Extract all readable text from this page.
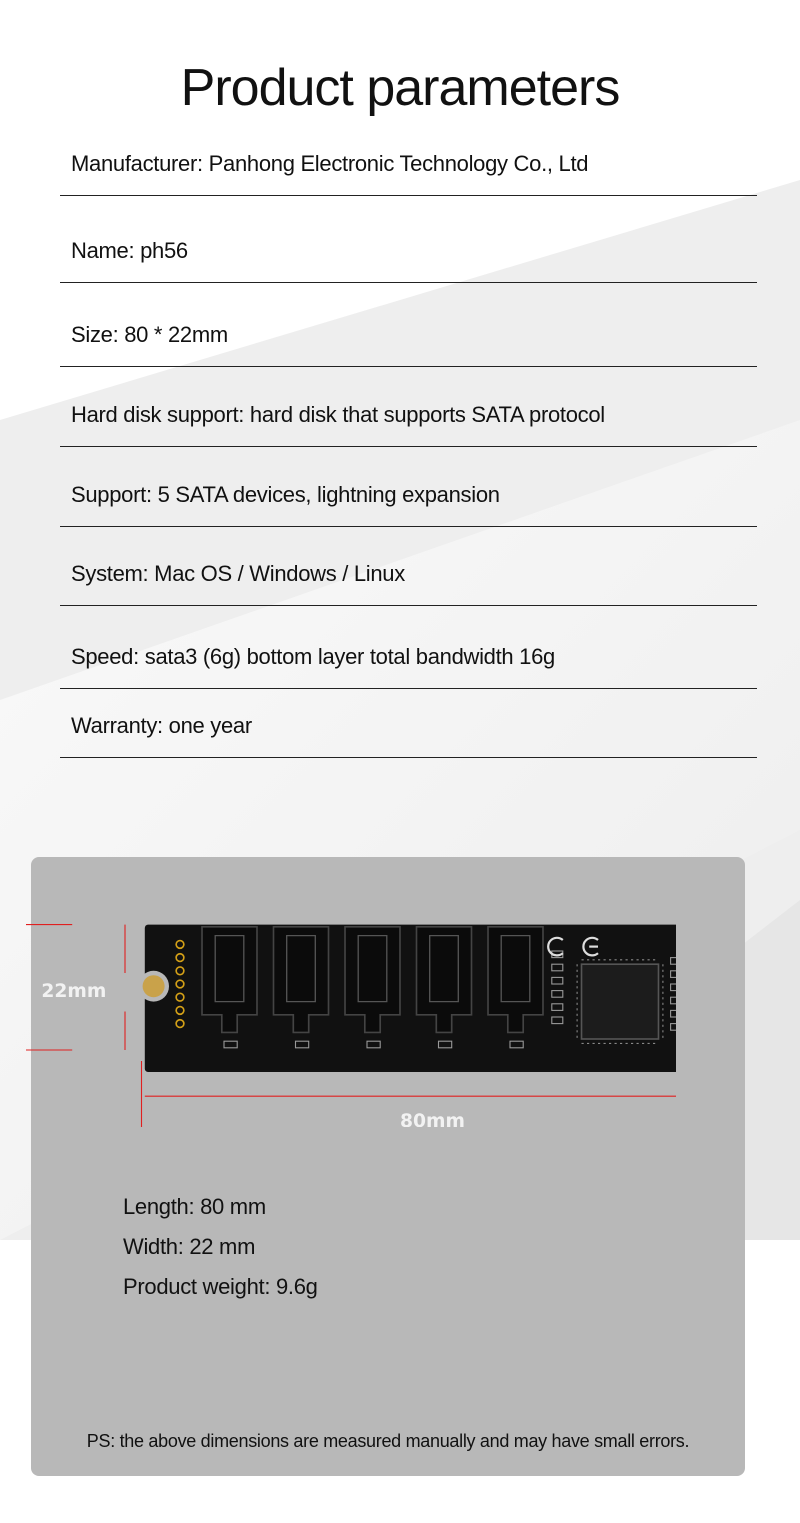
Product parameters
Manufacturer: Panhong Electronic Technology Co., Ltd
Name: ph56
Size: 80 * 22mm
Hard disk support: hard disk that supports SATA protocol
Support: 5 SATA devices, lightning expansion
System: Mac OS / Windows / Linux
Speed: sata3 (6g) bottom layer total bandwidth 16g
Warranty: one year
22mm
80mm
Length: 80 mm
Width: 22 mm
Product weight: 9.6g
PS: the above dimensions are measured manually and may have small errors.
